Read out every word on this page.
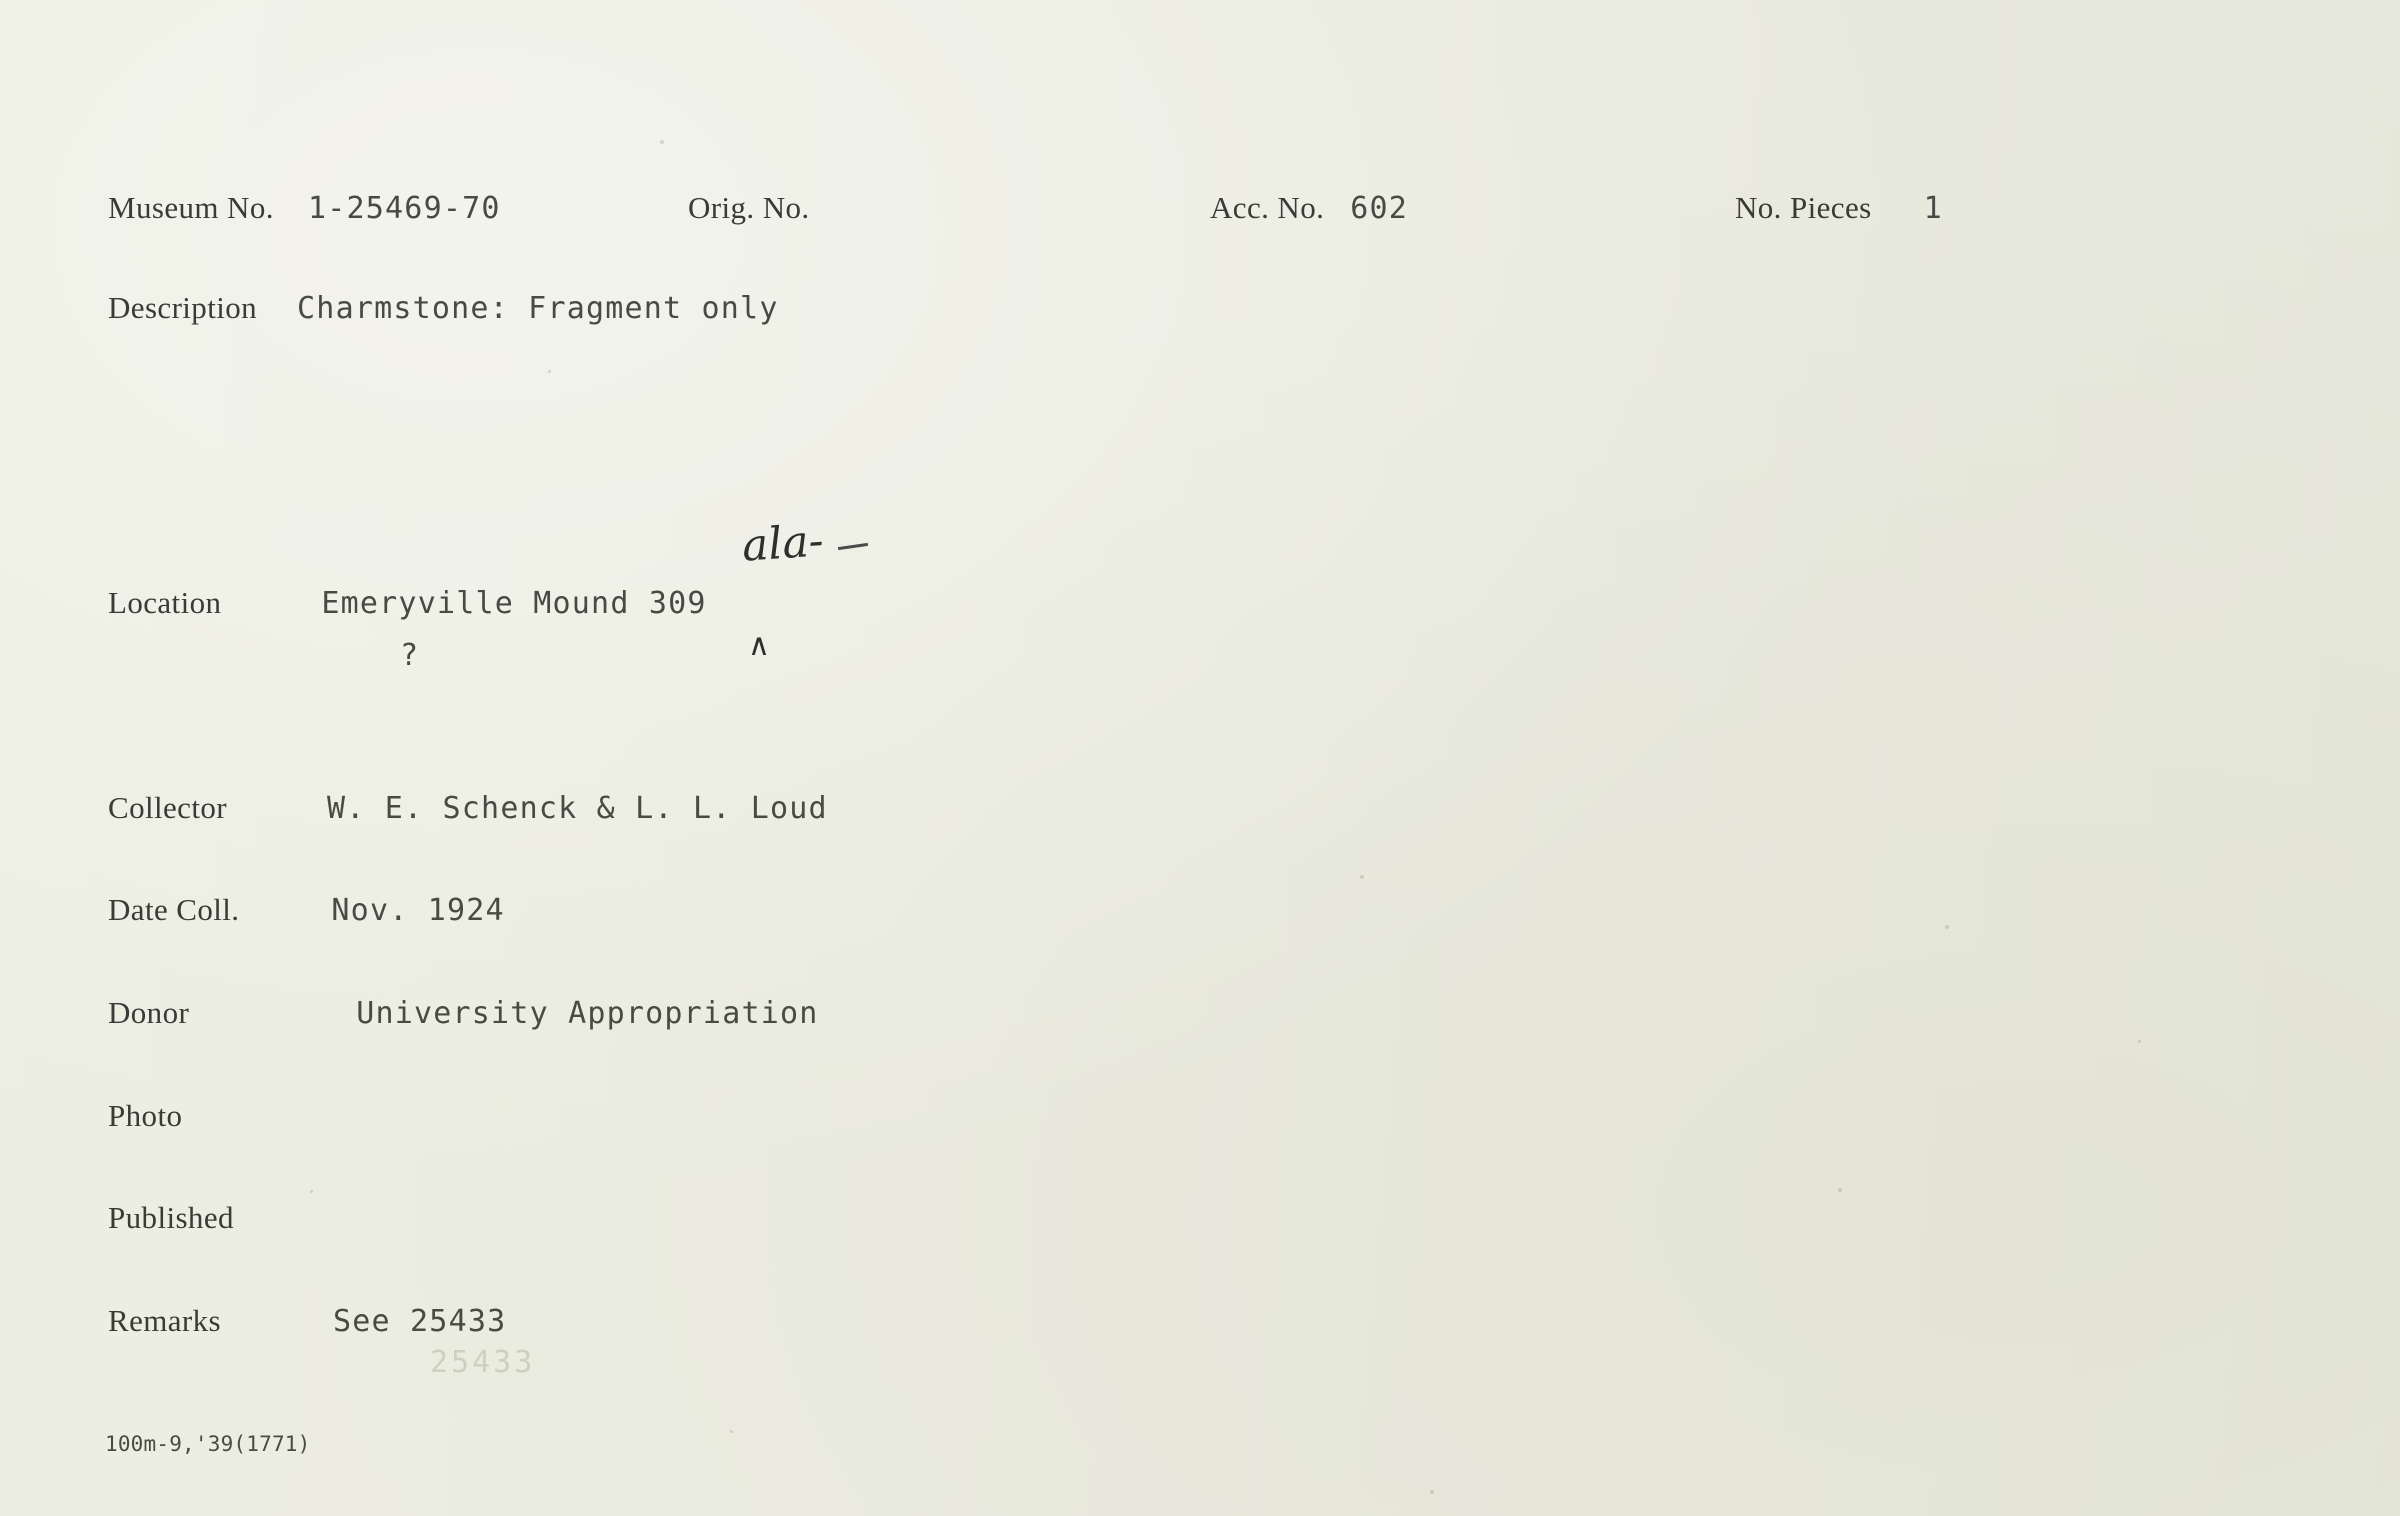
Museum No.	1-25469-70	Orig. No.	Acc. No. 602	No. Pieces 1
Description Charmstone: Fragment only
Location	Emeryville Mound 309
?
ala-
∧
Collector	W. E. Schenck & L. L. Loud
Date Coll.	Nov. 1924
Donor	University Appropriation
Photo
Published
Remarks	See 25433
25433
100m-9,'39(1771)
